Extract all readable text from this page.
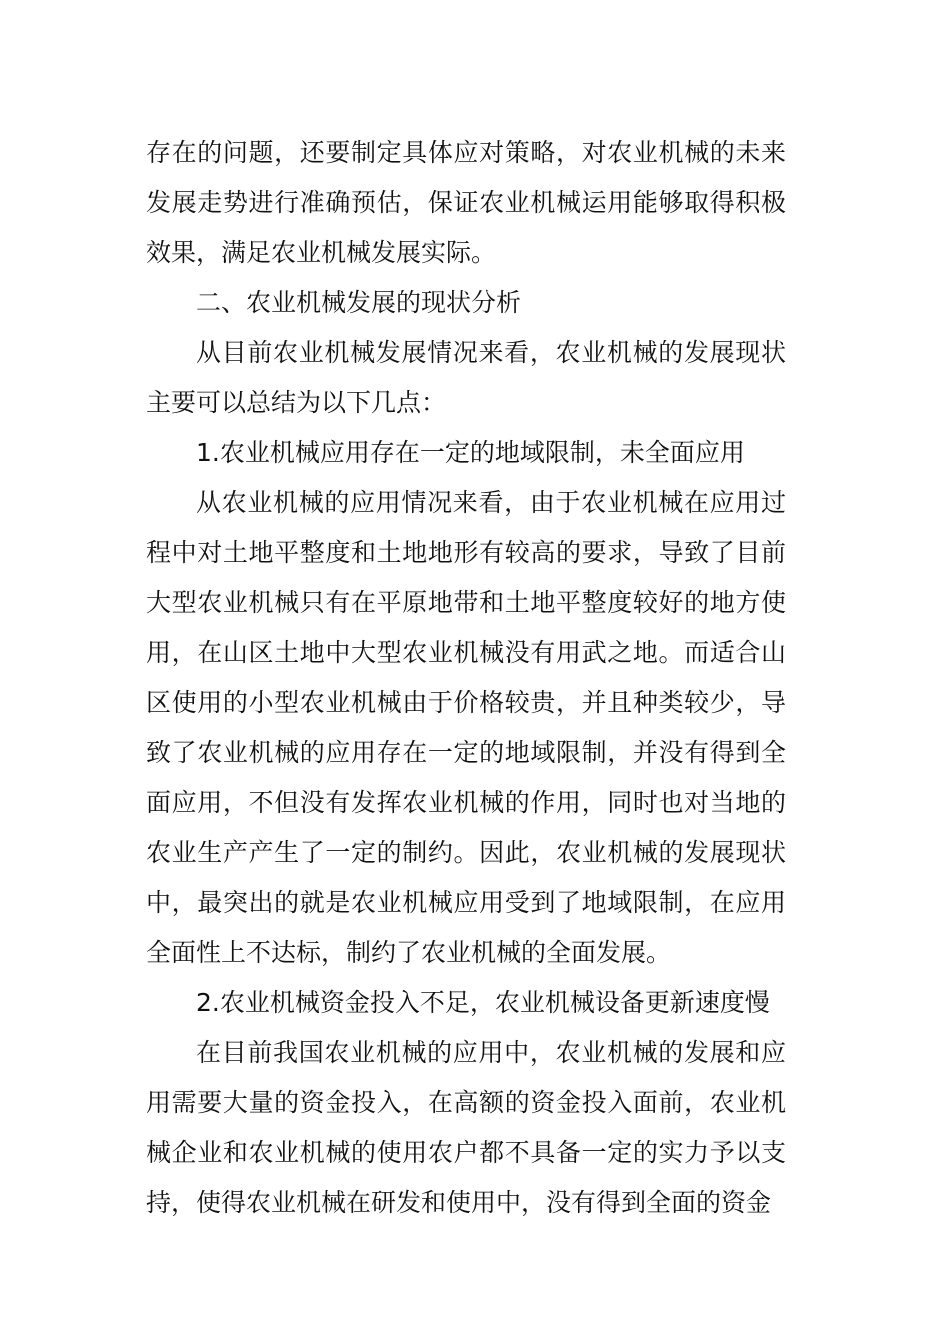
存在的问题，还要制定具体应对策略，对农业机械的未来发展走势进行准确预估，保证农业机械运用能够取得积极效果，满足农业机械发展实际。

二、农业机械发展的现状分析

从目前农业机械发展情况来看，农业机械的发展现状主要可以总结为以下几点：

1.农业机械应用存在一定的地域限制，未全面应用

从农业机械的应用情况来看，由于农业机械在应用过程中对土地平整度和土地地形有较高的要求，导致了目前大型农业机械只有在平原地带和土地平整度较好的地方使用，在山区土地中大型农业机械没有用武之地。而适合山区使用的小型农业机械由于价格较贵，并且种类较少，导致了农业机械的应用存在一定的地域限制，并没有得到全面应用，不但没有发挥农业机械的作用，同时也对当地的农业生产产生了一定的制约。因此，农业机械的发展现状中，最突出的就是农业机械应用受到了地域限制，在应用全面性上不达标，制约了农业机械的全面发展。

2.农业机械资金投入不足，农业机械设备更新速度慢

在目前我国农业机械的应用中，农业机械的发展和应用需要大量的资金投入，在高额的资金投入面前，农业机械企业和农业机械的使用农户都不具备一定的实力予以支持，使得农业机械在研发和使用中，没有得到全面的资金
